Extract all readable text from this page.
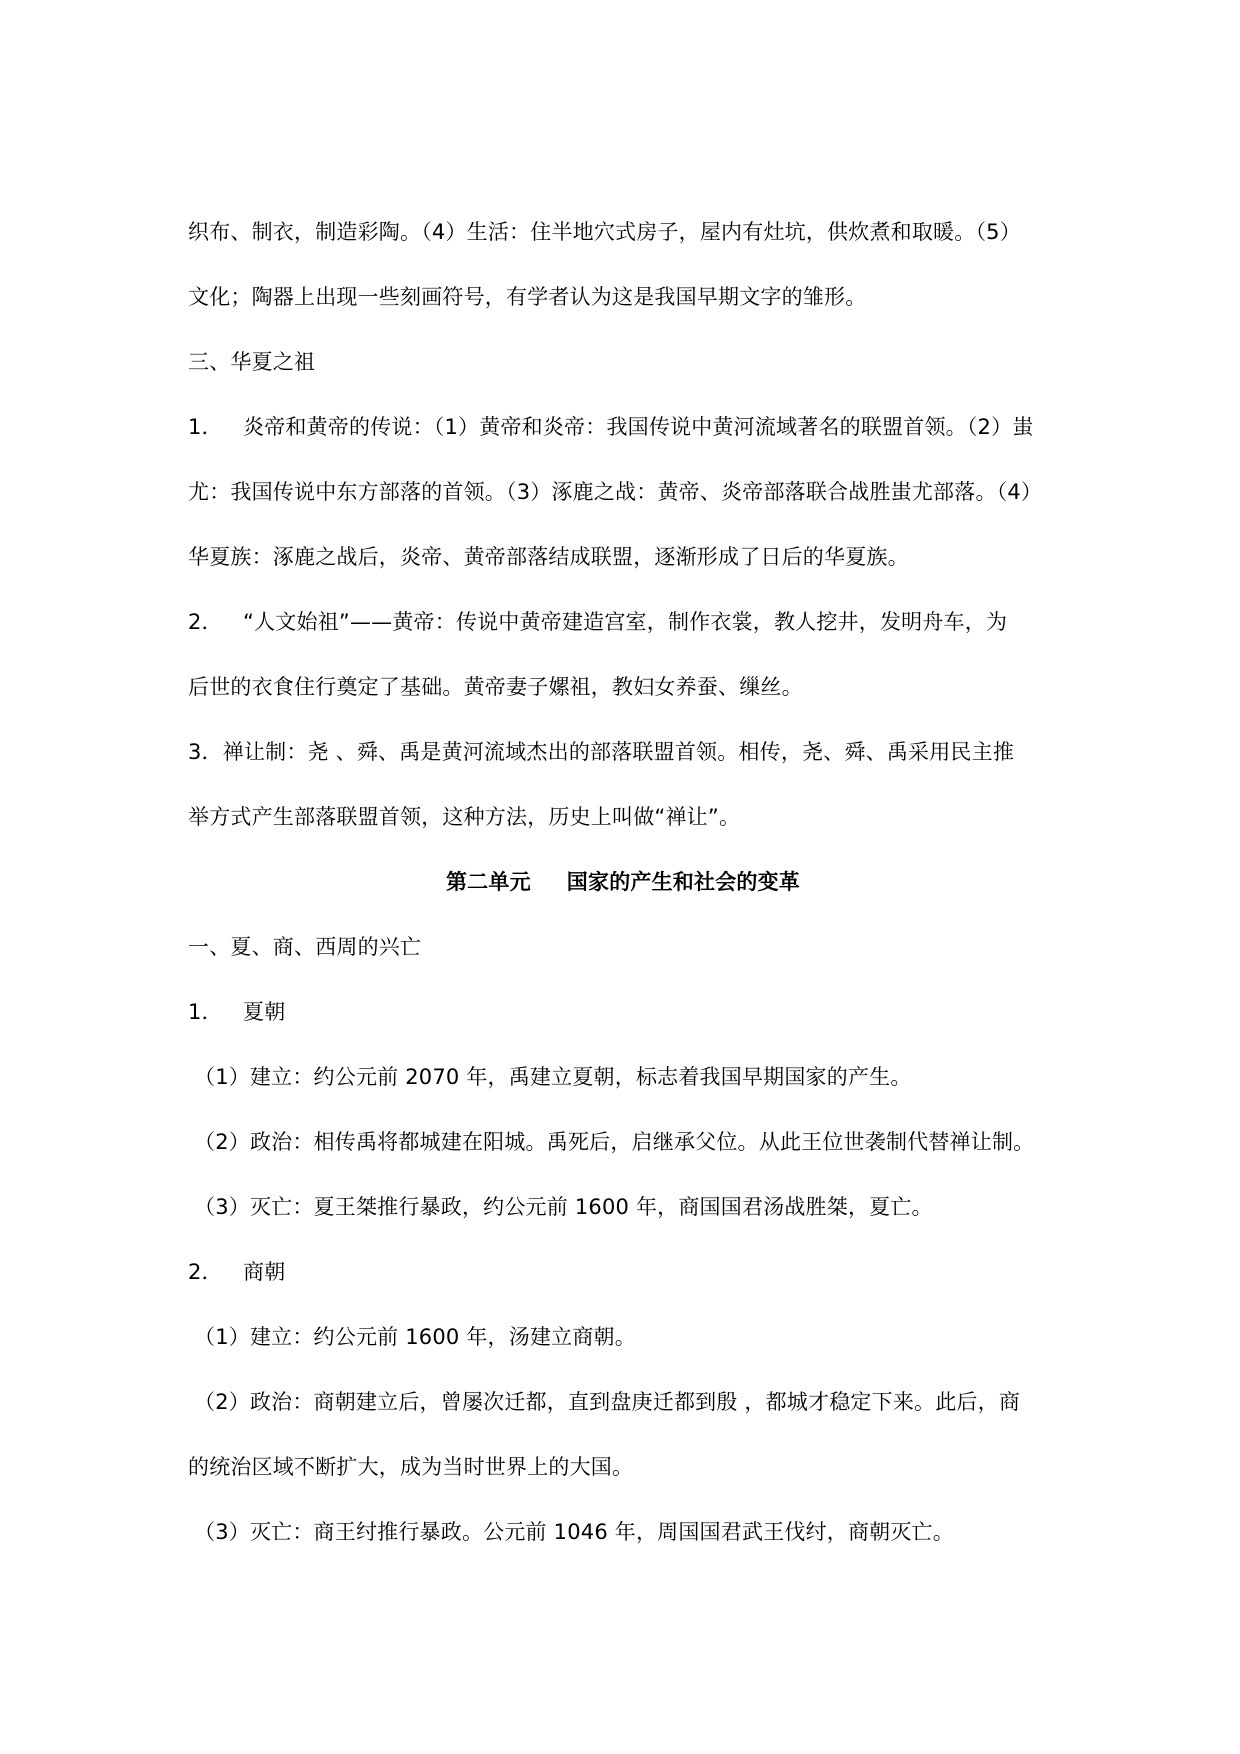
织布、制衣，制造彩陶。（4）生活：住半地穴式房子，屋内有灶坑，供炊煮和取暖。（5）
文化；陶器上出现一些刻画符号，有学者认为这是我国早期文字的雏形。
三、华夏之祖
1． 炎帝和黄帝的传说：（1）黄帝和炎帝：我国传说中黄河流域著名的联盟首领。（2）蚩
尤：我国传说中东方部落的首领。（3）涿鹿之战：黄帝、炎帝部落联合战胜蚩尤部落。（4）
华夏族：涿鹿之战后，炎帝、黄帝部落结成联盟，逐渐形成了日后的华夏族。
2． “人文始祖”——黄帝：传说中黄帝建造宫室，制作衣裳，教人挖井，发明舟车，为
后世的衣食住行奠定了基础。黄帝妻子嫘祖，教妇女养蚕、缫丝。
3．禅让制：尧 、舜、禹是黄河流域杰出的部落联盟首领。相传，尧、舜、禹采用民主推
举方式产生部落联盟首领，这种方法，历史上叫做“禅让”。
第二单元 国家的产生和社会的变革
一、夏、商、西周的兴亡
1． 夏朝
（1）建立：约公元前 2070 年，禹建立夏朝，标志着我国早期国家的产生。
（2）政治：相传禹将都城建在阳城。禹死后，启继承父位。从此王位世袭制代替禅让制。
（3）灭亡：夏王桀推行暴政，约公元前 1600 年，商国国君汤战胜桀，夏亡。
2． 商朝
（1）建立：约公元前 1600 年，汤建立商朝。
（2）政治：商朝建立后，曾屡次迁都，直到盘庚迁都到殷 ，都城才稳定下来。此后，商
的统治区域不断扩大，成为当时世界上的大国。
（3）灭亡：商王纣推行暴政。公元前 1046 年，周国国君武王伐纣，商朝灭亡。
